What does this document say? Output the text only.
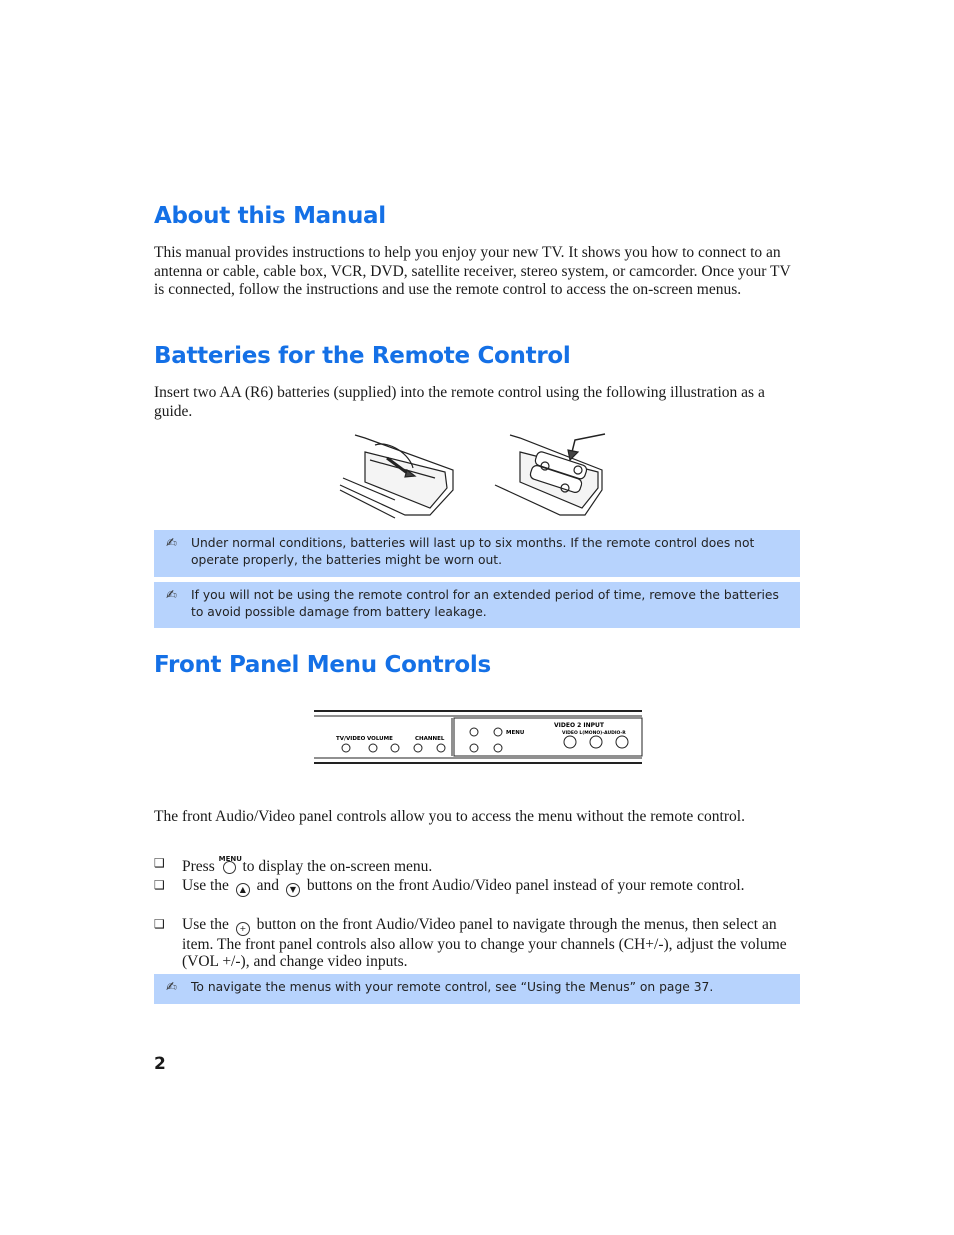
About this Manual

This manual provides instructions to help you enjoy your new TV. It shows you how to connect to an antenna or cable, cable box, VCR, DVD, satellite receiver, stereo system, or camcorder. Once your TV is connected, follow the instructions and use the remote control to access the on-screen menus.

Batteries for the Remote Control

Insert two AA (R6) batteries (supplied) into the remote control using the following illustration as a guide.

✍ Under normal conditions, batteries will last up to six months. If the remote control does not operate properly, the batteries might be worn out.
✍ If you will not be using the remote control for an extended period of time, remove the batteries to avoid possible damage from battery leakage.
Front Panel Menu Controls
TV/VIDEO VOLUME	CHANNEL
MENU
VIDEO 2 INPUT
VIDEO L(MONO)-AUDIO-R

The front Audio/Video panel controls allow you to access the menu without the remote control.

❑ Press MENU to display the on-screen menu.
❑ Use the ▲ and ▼ buttons on the front Audio/Video panel instead of your remote control.
❑ Use the + button on the front Audio/Video panel to navigate through the menus, then select an item. The front panel controls also allow you to change your channels (CH+/-), adjust the volume (VOL +/-), and change video inputs.
✍ To navigate the menus with your remote control, see “Using the Menus” on page 37.
2
